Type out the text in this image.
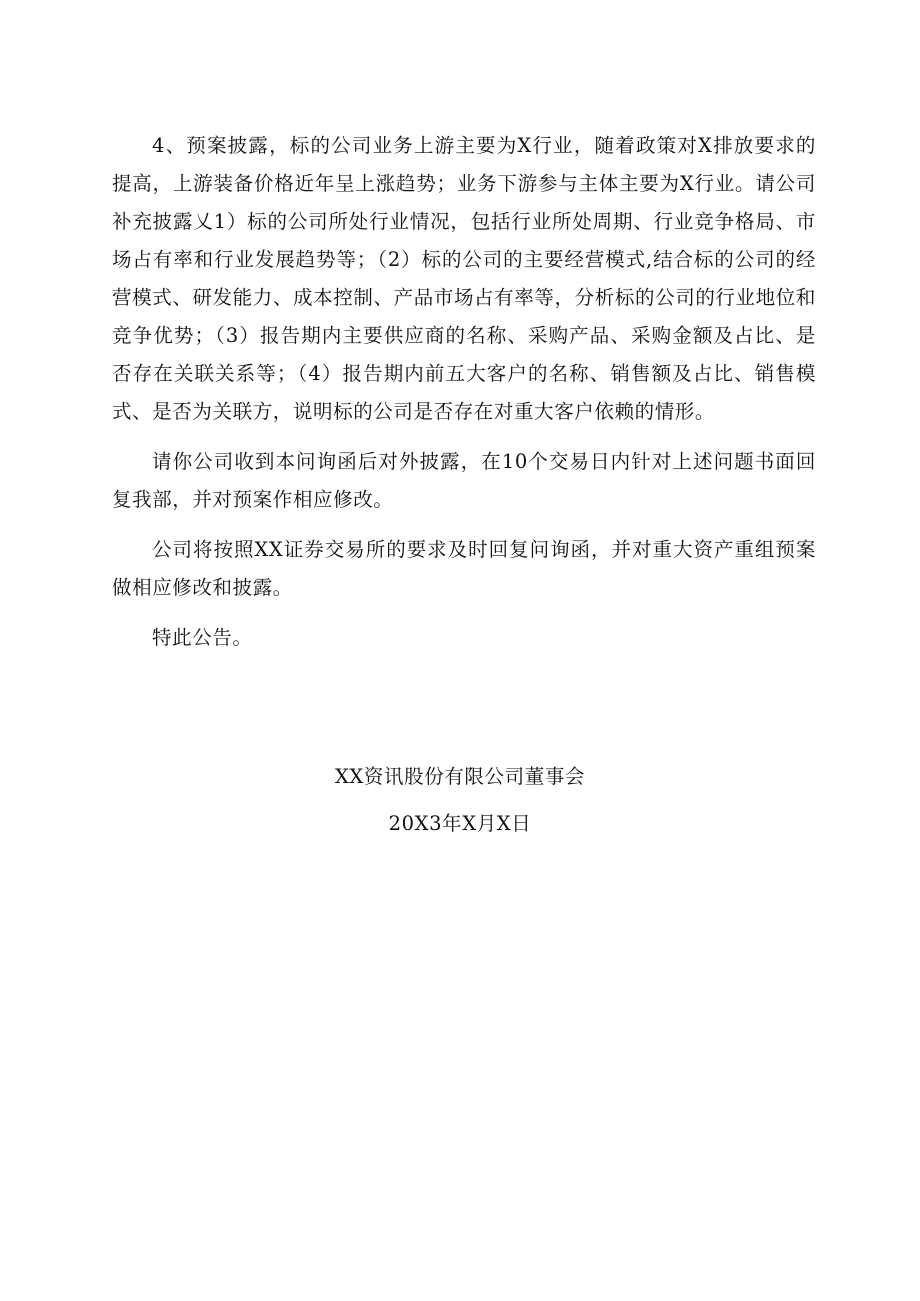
4、预案披露，标的公司业务上游主要为X行业，随着政策对X排放要求的提高，上游装备价格近年呈上涨趋势；业务下游参与主体主要为X行业。请公司补充披露乂1）标的公司所处行业情况，包括行业所处周期、行业竞争格局、市场占有率和行业发展趋势等；（2）标的公司的主要经营模式,结合标的公司的经营模式、研发能力、成本控制、产品市场占有率等，分析标的公司的行业地位和竞争优势；（3）报告期内主要供应商的名称、采购产品、采购金额及占比、是否存在关联关系等；（4）报告期内前五大客户的名称、销售额及占比、销售模式、是否为关联方，说明标的公司是否存在对重大客户依赖的情形。

请你公司收到本问询函后对外披露，在10个交易日内针对上述问题书面回复我部，并对预案作相应修改。

公司将按照XX证券交易所的要求及时回复问询函，并对重大资产重组预案做相应修改和披露。

特此公告。

XX资讯股份有限公司董事会
20X3年X月X日
